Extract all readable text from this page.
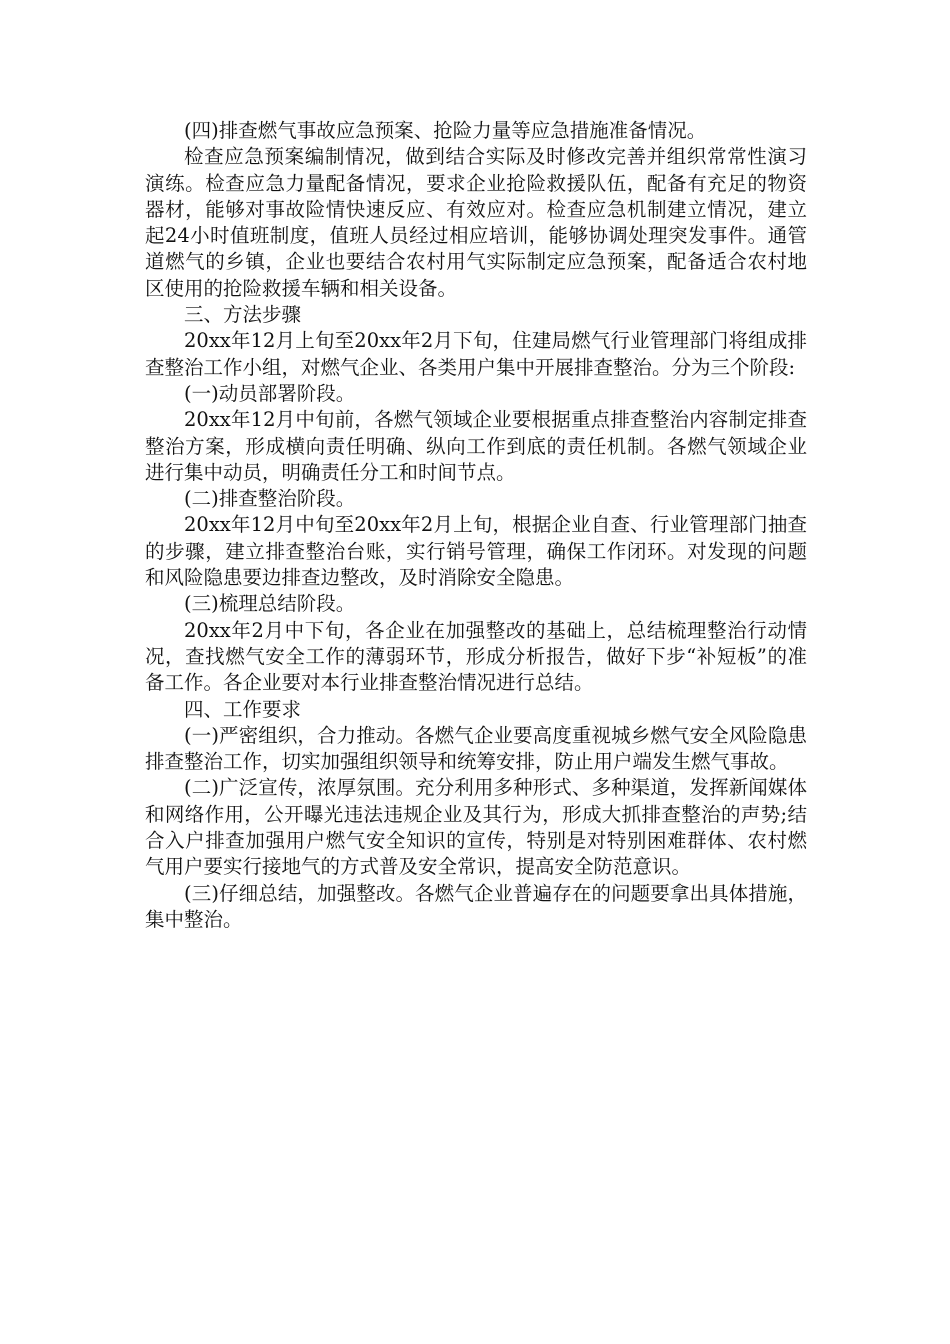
(四)排查燃气事故应急预案、抢险力量等应急措施准备情况。

检查应急预案编制情况，做到结合实际及时修改完善并组织常常性演习演练。检查应急力量配备情况，要求企业抢险救援队伍，配备有充足的物资器材，能够对事故险情快速反应、有效应对。检查应急机制建立情况，建立起24小时值班制度，值班人员经过相应培训，能够协调处理突发事件。通管道燃气的乡镇，企业也要结合农村用气实际制定应急预案，配备适合农村地区使用的抢险救援车辆和相关设备。

三、方法步骤

20xx年12月上旬至20xx年2月下旬，住建局燃气行业管理部门将组成排查整治工作小组，对燃气企业、各类用户集中开展排查整治。分为三个阶段:

(一)动员部署阶段。

20xx年12月中旬前，各燃气领域企业要根据重点排查整治内容制定排查整治方案，形成横向责任明确、纵向工作到底的责任机制。各燃气领域企业进行集中动员，明确责任分工和时间节点。

(二)排查整治阶段。

20xx年12月中旬至20xx年2月上旬，根据企业自查、行业管理部门抽查的步骤，建立排查整治台账，实行销号管理，确保工作闭环。对发现的问题和风险隐患要边排查边整改，及时消除安全隐患。

(三)梳理总结阶段。

20xx年2月中下旬，各企业在加强整改的基础上，总结梳理整治行动情况，查找燃气安全工作的薄弱环节，形成分析报告，做好下步“补短板”的准备工作。各企业要对本行业排查整治情况进行总结。

四、工作要求

(一)严密组织，合力推动。各燃气企业要高度重视城乡燃气安全风险隐患排查整治工作，切实加强组织领导和统筹安排，防止用户端发生燃气事故。

(二)广泛宣传，浓厚氛围。充分利用多种形式、多种渠道，发挥新闻媒体和网络作用，公开曝光违法违规企业及其行为，形成大抓排查整治的声势;结合入户排查加强用户燃气安全知识的宣传，特别是对特别困难群体、农村燃气用户要实行接地气的方式普及安全常识，提高安全防范意识。

(三)仔细总结，加强整改。各燃气企业普遍存在的问题要拿出具体措施，集中整治。
